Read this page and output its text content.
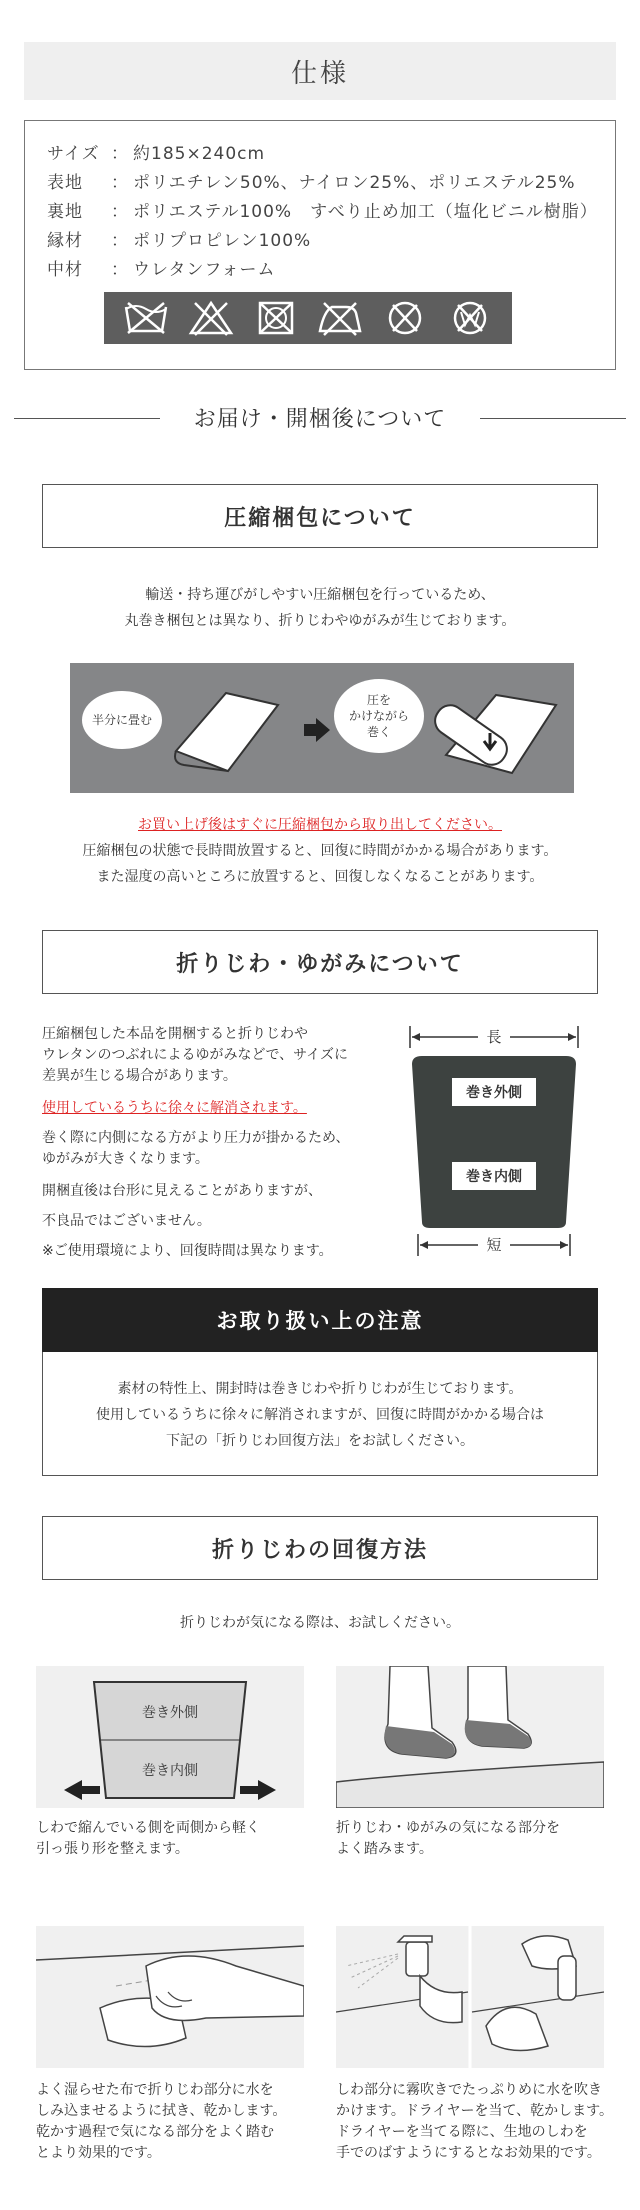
仕様
サイズ ： 約185×240cm
表地 ： ポリエチレン50%、ナイロン25%、ポリエステル25%
裏地 ： ポリエステル100%　すべり止め加工（塩化ビニル樹脂）
縁材 ： ポリプロピレン100%
中材 ： ウレタンフォーム
お届け・開梱後について
圧縮梱包について
輸送・持ち運びがしやすい圧縮梱包を行っているため、
丸巻き梱包とは異なり、折りじわやゆがみが生じております。
半分に畳む
圧を
かけながら
巻く
お買い上げ後はすぐに圧縮梱包から取り出してください。
圧縮梱包の状態で長時間放置すると、回復に時間がかかる場合があります。
また湿度の高いところに放置すると、回復しなくなることがあります。
折りじわ・ゆがみについて
圧縮梱包した本品を開梱すると折りじわや
ウレタンのつぶれによるゆがみなどで、サイズに
差異が生じる場合があります。
使用しているうちに徐々に解消されます。
巻く際に内側になる方がより圧力が掛かるため、
ゆがみが大きくなります。
開梱直後は台形に見えることがありますが、
不良品ではございません。
※ご使用環境により、回復時間は異なります。
長
巻き外側
巻き内側
短
お取り扱い上の注意
素材の特性上、開封時は巻きじわや折りじわが生じております。
使用しているうちに徐々に解消されますが、回復に時間がかかる場合は
下記の「折りじわ回復方法」をお試しください。
折りじわの回復方法
折りじわが気になる際は、お試しください。
巻き外側
巻き内側
しわで縮んでいる側を両側から軽く
引っ張り形を整えます。
折りじわ・ゆがみの気になる部分を
よく踏みます。
よく湿らせた布で折りじわ部分に水を
しみ込ませるように拭き、乾かします。
乾かす過程で気になる部分をよく踏む
とより効果的です。
しわ部分に霧吹きでたっぷりめに水を吹き
かけます。ドライヤーを当て、乾かします。
ドライヤーを当てる際に、生地のしわを
手でのばすようにするとなお効果的です。
